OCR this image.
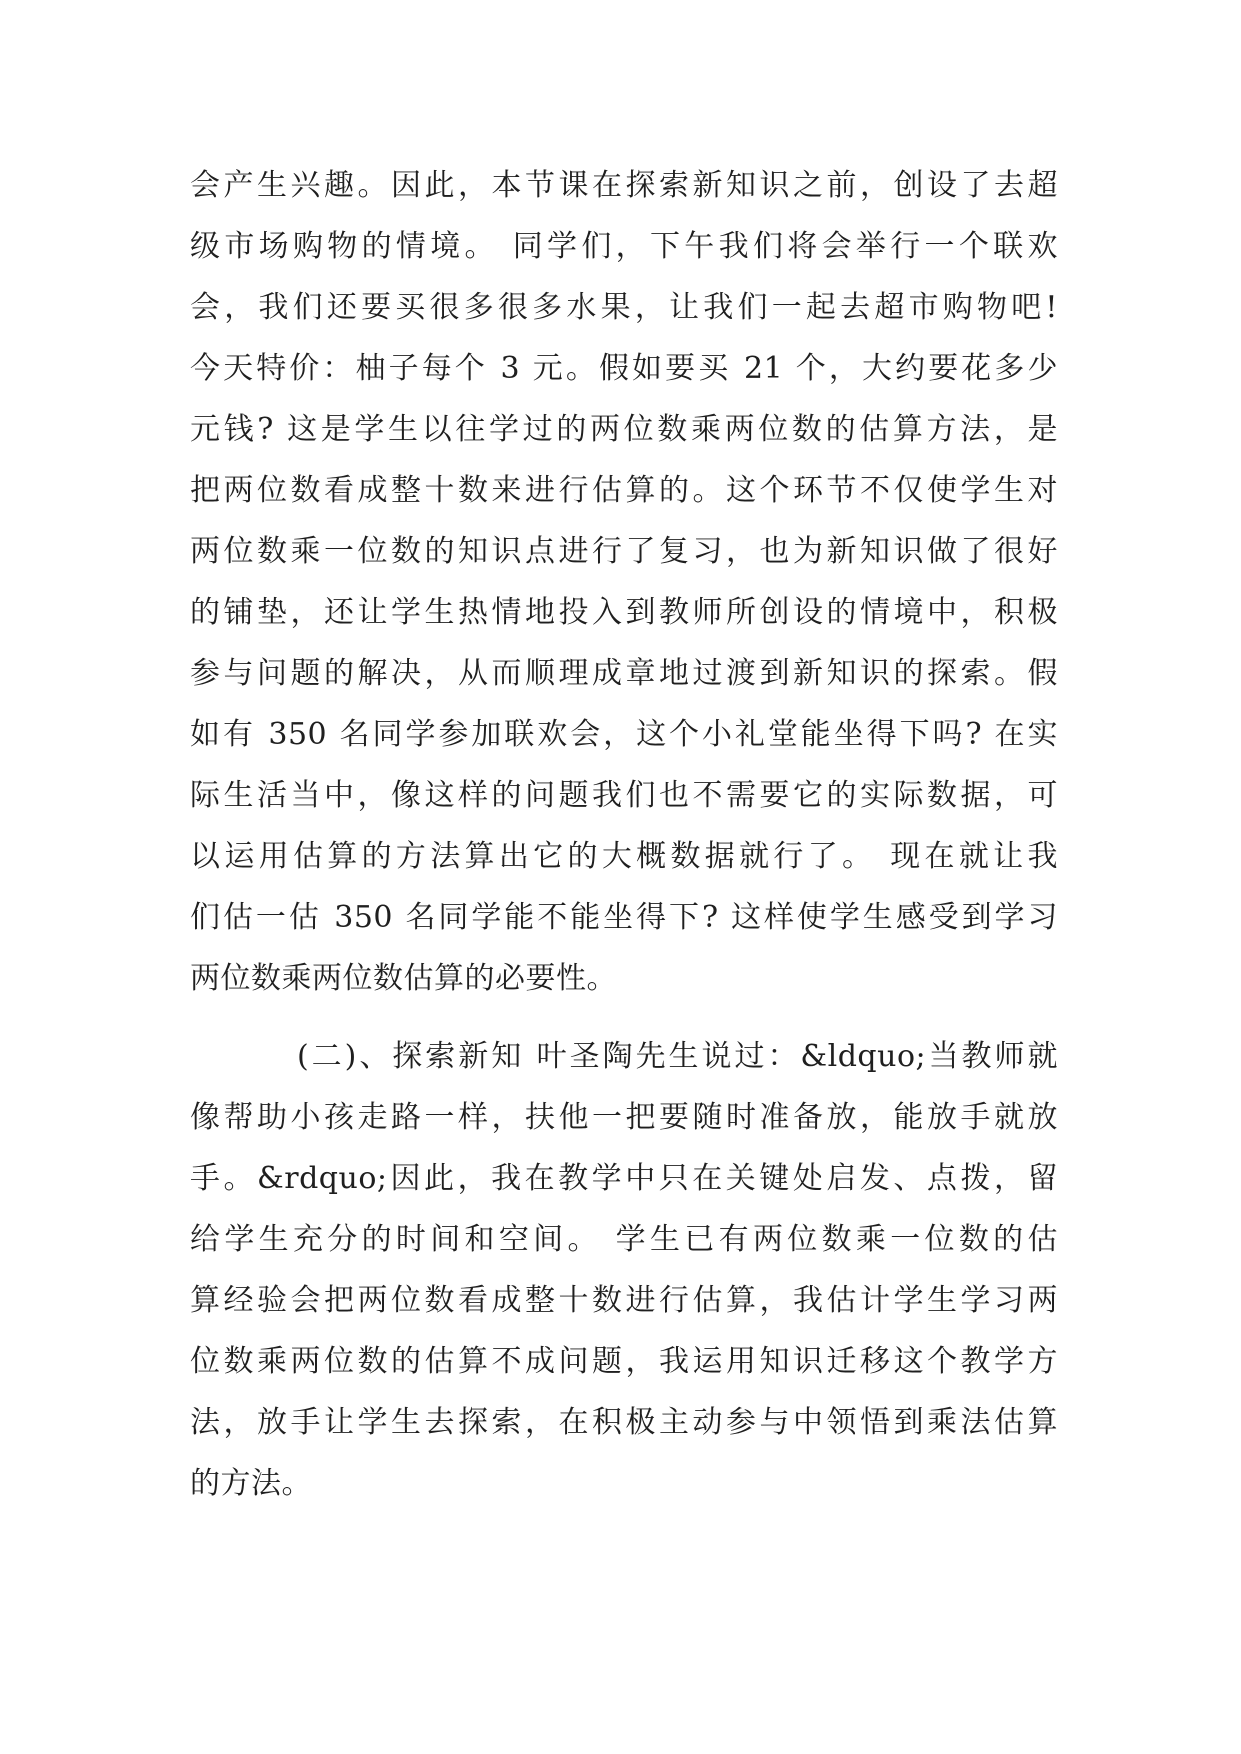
会产生兴趣。因此，本节课在探索新知识之前，创设了去超
级市场购物的情境。 同学们，下午我们将会举行一个联欢
会，我们还要买很多很多水果，让我们一起去超市购物吧!
今天特价：柚子每个 3 元。假如要买 21 个，大约要花多少
元钱? 这是学生以往学过的两位数乘两位数的估算方法，是
把两位数看成整十数来进行估算的。这个环节不仅使学生对
两位数乘一位数的知识点进行了复习，也为新知识做了很好
的铺垫，还让学生热情地投入到教师所创设的情境中，积极
参与问题的解决，从而顺理成章地过渡到新知识的探索。假
如有 350 名同学参加联欢会，这个小礼堂能坐得下吗? 在实
际生活当中，像这样的问题我们也不需要它的实际数据，可
以运用估算的方法算出它的大概数据就行了。 现在就让我
们估一估 350 名同学能不能坐得下? 这样使学生感受到学习
两位数乘两位数估算的必要性。
(二)、探索新知 叶圣陶先生说过：&ldquo;当教师就
像帮助小孩走路一样，扶他一把要随时准备放，能放手就放
手。&rdquo;因此，我在教学中只在关键处启发、点拨，留
给学生充分的时间和空间。 学生已有两位数乘一位数的估
算经验会把两位数看成整十数进行估算，我估计学生学习两
位数乘两位数的估算不成问题，我运用知识迁移这个教学方
法，放手让学生去探索，在积极主动参与中领悟到乘法估算
的方法。
